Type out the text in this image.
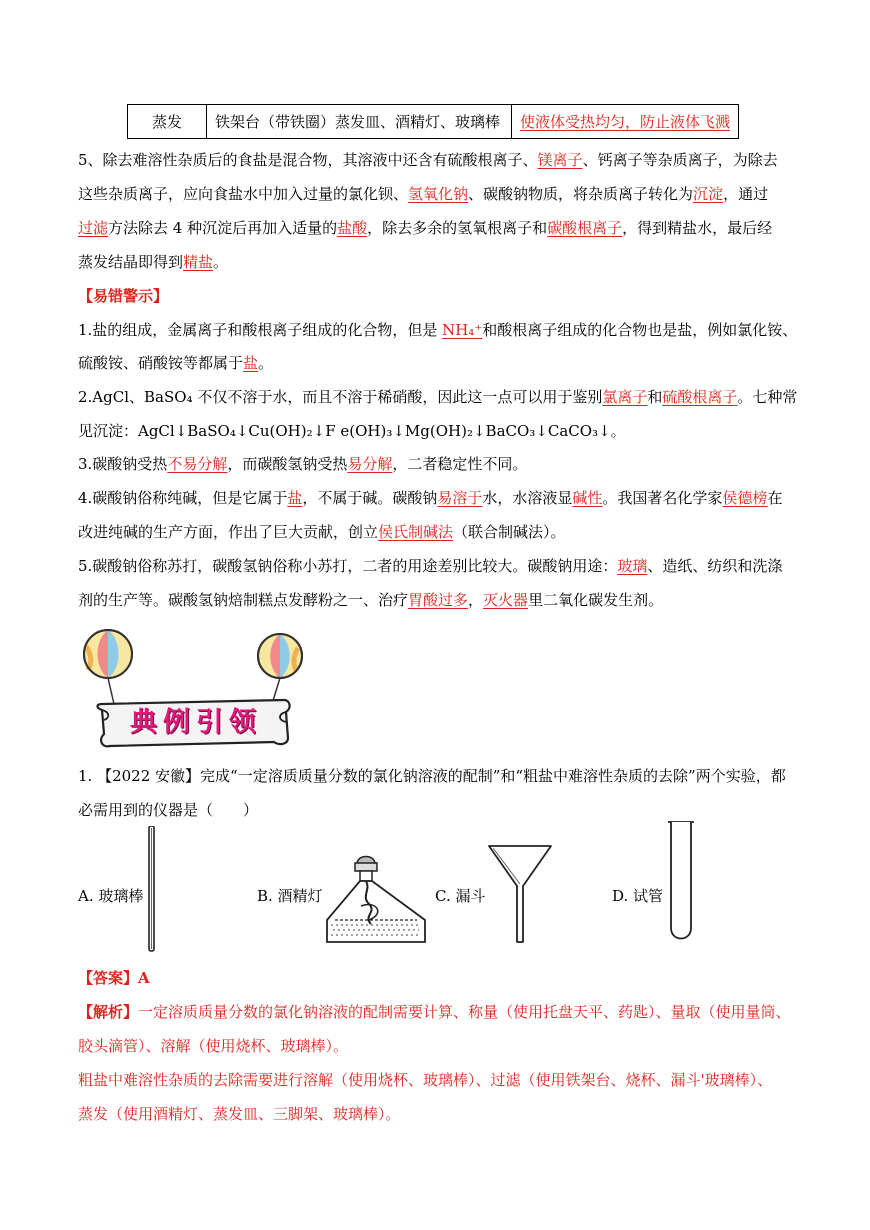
蒸发	铁架台（带铁圈）蒸发皿、酒精灯、玻璃棒	使液体受热均匀，防止液体飞溅
5、除去难溶性杂质后的食盐是混合物，其溶液中还含有硫酸根离子、镁离子、钙离子等杂质离子，为除去
这些杂质离子，应向食盐水中加入过量的氯化钡、氢氧化钠、碳酸钠物质，将杂质离子转化为沉淀，通过
过滤方法除去 4 种沉淀后再加入适量的盐酸，除去多余的氢氧根离子和碳酸根离子，得到精盐水，最后经
蒸发结晶即得到精盐。
【易错警示】
1.盐的组成，金属离子和酸根离子组成的化合物，但是 NH₄⁺和酸根离子组成的化合物也是盐，例如氯化铵、
硫酸铵、硝酸铵等都属于盐。
2.AgCl、BaSO₄ 不仅不溶于水，而且不溶于稀硝酸，因此这一点可以用于鉴别氯离子和硫酸根离子。七种常
见沉淀：AgCl↓BaSO₄↓Cu(OH)₂↓F e(OH)₃↓Mg(OH)₂↓BaCO₃↓CaCO₃↓。
3.碳酸钠受热不易分解，而碳酸氢钠受热易分解，二者稳定性不同。
4.碳酸钠俗称纯碱，但是它属于盐，不属于碱。碳酸钠易溶于水，水溶液显碱性。我国著名化学家侯德榜在
改进纯碱的生产方面，作出了巨大贡献，创立侯氏制碱法（联合制碱法）。
5.碳酸钠俗称苏打，碳酸氢钠俗称小苏打，二者的用途差别比较大。碳酸钠用途：玻璃、造纸、纺织和洗涤
剂的生产等。碳酸氢钠焙制糕点发酵粉之一、治疗胃酸过多，灭火器里二氧化碳发生剂。
典例引领
1. 【2022 安徽】完成“一定溶质质量分数的氯化钠溶液的配制”和“粗盐中难溶性杂质的去除”两个实验，都
必需用到的仪器是（　　）
A. 玻璃棒	B. 酒精灯	C. 漏斗	D. 试管
【答案】A
【解析】一定溶质质量分数的氯化钠溶液的配制需要计算、称量（使用托盘天平、药匙）、量取（使用量筒、
胶头滴管）、溶解（使用烧杯、玻璃棒）。
粗盐中难溶性杂质的去除需要进行溶解（使用烧杯、玻璃棒）、过滤（使用铁架台、烧杯、漏斗'玻璃棒）、
蒸发（使用酒精灯、蒸发皿、三脚架、玻璃棒）。
